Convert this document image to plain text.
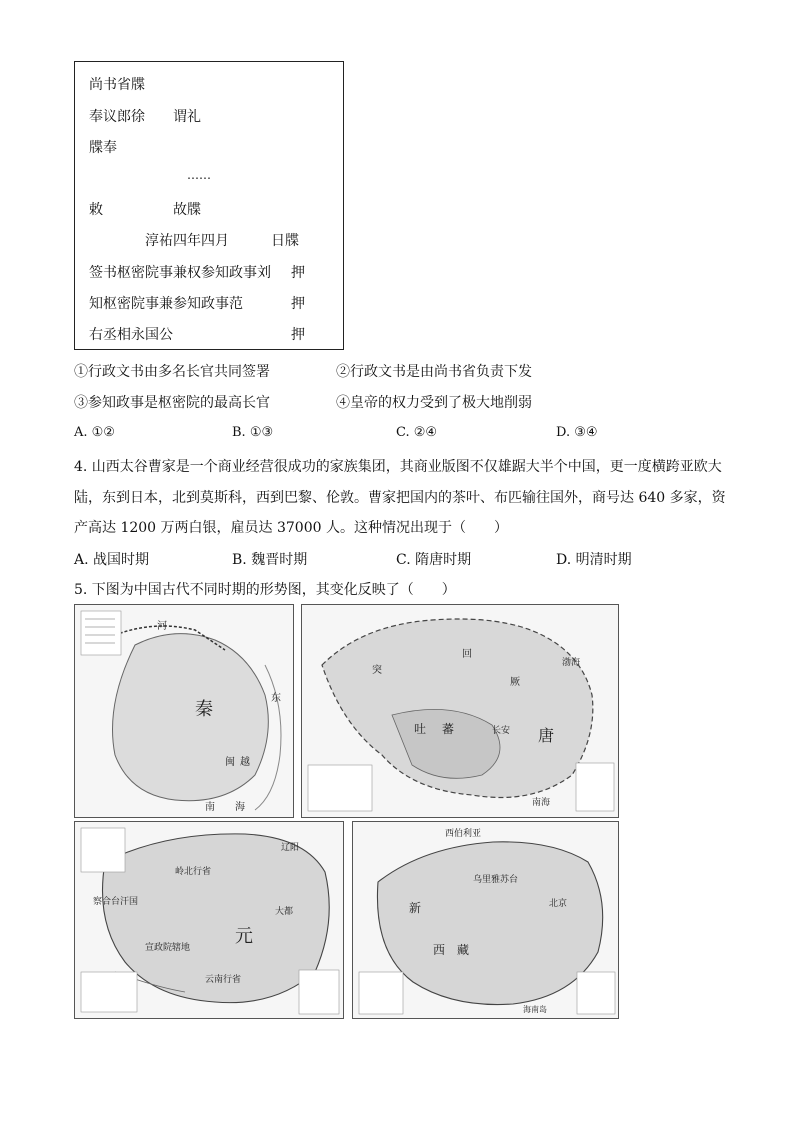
尚书省牒
奉议郎徐 谓礼
牒奉
……
敕	故牒
淳祐四年四月	日牒
签书枢密院事兼权参知政事刘 押
知枢密院事兼参知政事范	押
右丞相永国公	押
①行政文书由多名长官共同签署	②行政文书是由尚书省负责下发
③参知政事是枢密院的最高长官	④皇帝的权力受到了极大地削弱
A. ①②	B. ①③	C. ②④	D. ③④
4. 山西太谷曹家是一个商业经营很成功的家族集团，其商业版图不仅雄踞大半个中国，更一度横跨亚欧大
陆，东到日本，北到莫斯科，西到巴黎、伦敦。曹家把国内的茶叶、布匹输往国外，商号达 640 多家，资
产高达 1200 万两白银，雇员达 37000 人。这种情况出现于（　　）
A. 战国时期	B. 魏晋时期	C. 隋唐时期	D. 明清时期
5. 下图为中国古代不同时期的形势图，其变化反映了（　　）
河
秦
南 海
东
闽 越
突
厥
回
吐 蕃	唐
长安
南海
渤海
元
岭北行省
辽阳
察合台汗国
宣政院辖地
大都
云南行省
西伯利亚
乌里雅苏台
新
西 藏
北京
海南岛
